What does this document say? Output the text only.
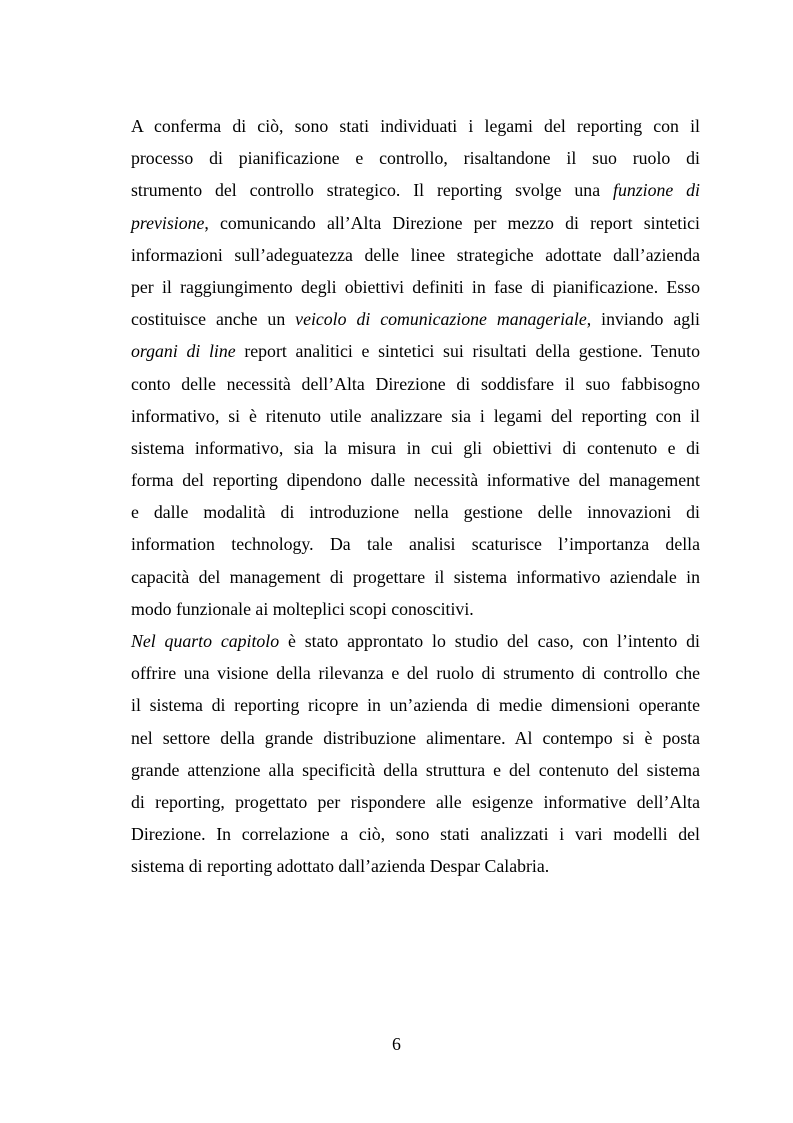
A conferma di ciò, sono stati individuati i legami del reporting con il
processo di pianificazione e controllo, risaltandone il suo ruolo di
strumento del controllo strategico. Il reporting svolge una funzione di
previsione, comunicando all’Alta Direzione per mezzo di report sintetici
informazioni sull’adeguatezza delle linee strategiche adottate dall’azienda
per il raggiungimento degli obiettivi definiti in fase di pianificazione. Esso
costituisce anche un veicolo di comunicazione manageriale, inviando agli
organi di line report analitici e sintetici sui risultati della gestione. Tenuto
conto delle necessità dell’Alta Direzione di soddisfare il suo fabbisogno
informativo, si è ritenuto utile analizzare sia i legami del reporting con il
sistema informativo, sia la misura in cui gli obiettivi di contenuto e di
forma del reporting dipendono dalle necessità informative del management
e dalle modalità di introduzione nella gestione delle innovazioni di
information technology. Da tale analisi scaturisce l’importanza della
capacità del management di progettare il sistema informativo aziendale in
modo funzionale ai molteplici scopi conoscitivi.
Nel quarto capitolo è stato approntato lo studio del caso, con l’intento di
offrire una visione della rilevanza e del ruolo di strumento di controllo che
il sistema di reporting ricopre in un’azienda di medie dimensioni operante
nel settore della grande distribuzione alimentare. Al contempo si è posta
grande attenzione alla specificità della struttura e del contenuto del sistema
di reporting, progettato per rispondere alle esigenze informative dell’Alta
Direzione. In correlazione a ciò, sono stati analizzati i vari modelli del
sistema di reporting adottato dall’azienda Despar Calabria.
6
